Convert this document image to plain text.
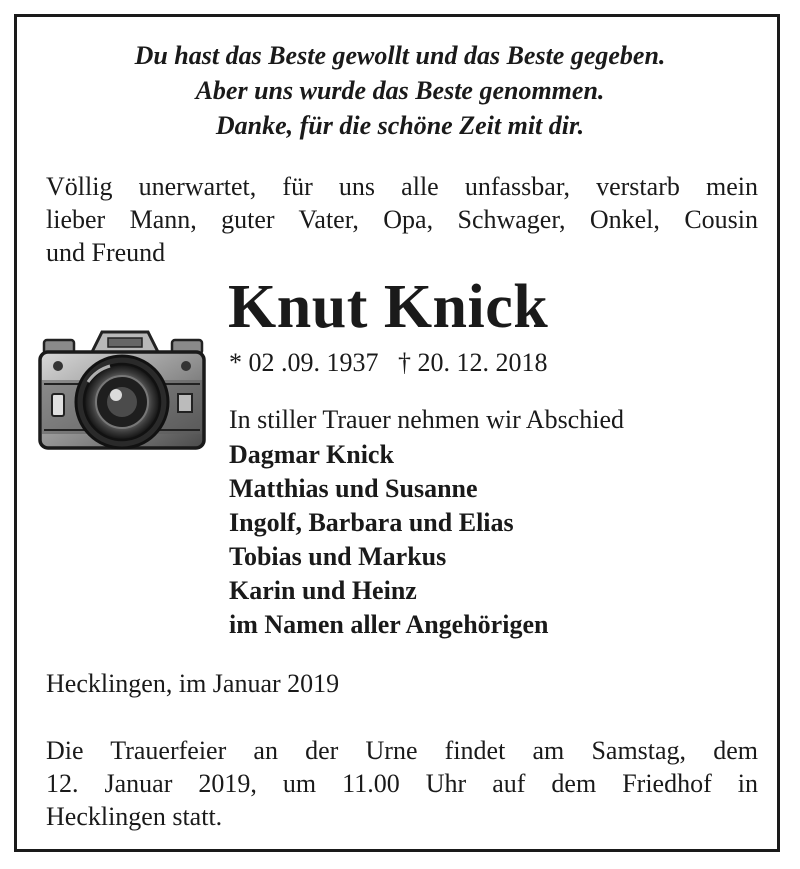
Du hast das Beste gewollt und das Beste gegeben.
Aber uns wurde das Beste genommen.
Danke, für die schöne Zeit mit dir.
Völlig unerwartet, für uns alle unfassbar, verstarb mein
lieber Mann, guter Vater, Opa, Schwager, Onkel, Cousin
und Freund
Knut Knick
* 02 .09. 1937   † 20. 12. 2018
In stiller Trauer nehmen wir Abschied
Dagmar Knick
Matthias und Susanne
Ingolf, Barbara und Elias
Tobias und Markus
Karin und Heinz
im Namen aller Angehörigen
Hecklingen, im Januar 2019
Die Trauerfeier an der Urne findet am Samstag, dem
12. Januar 2019, um 11.00 Uhr auf dem Friedhof in
Hecklingen statt.
